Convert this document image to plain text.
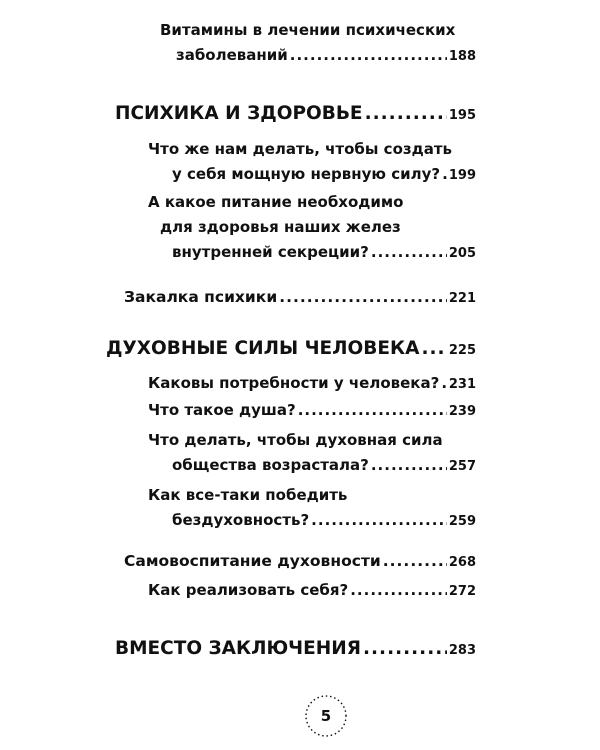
Витамины в лечении психических
заболеваний .....	188
ПСИХИКА И ЗДОРОВЬЕ .....	195
Что же нам делать, чтобы создать
у себя мощную нервную силу? ..... 199
А какое питание необходимо
для здоровья наших желез
внутренней секреции? .....	205
Закалка психики .....	221
ДУХОВНЫЕ СИЛЫ ЧЕЛОВЕКА ..... 225
Каковы потребности у человека? ..... 231
Что такое душа? .....	239
Что делать, чтобы духовная сила
общества возрастала? .....	257
Как все-таки победить
бездуховность? .....	259
Самовоспитание духовности .....	268
Как реализовать себя? .....	272
ВМЕСТО ЗАКЛЮЧЕНИЯ .....	283
5
